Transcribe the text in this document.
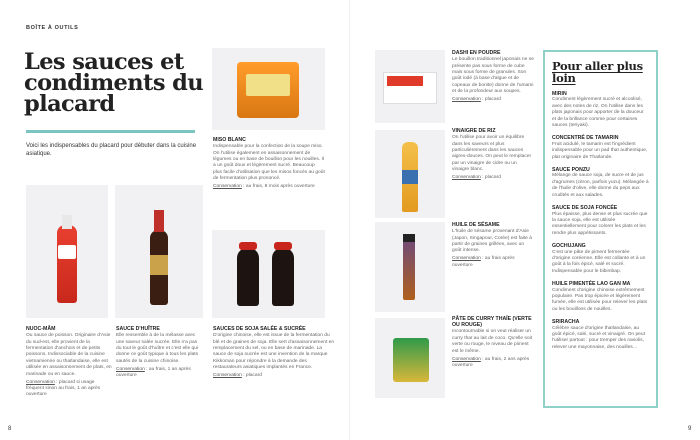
BOÎTE À OUTILS
Les sauces et condiments du placard
Voici les indispensables du placard pour débuter dans la cuisine asiatique.
NUOC-MÂM

Ou sauce de poisson. Originaire d'Asie du sud-est, elle provient de la fermentation d'anchois et de petits poissons. Indissociable de la cuisine vietnamienne ou thaïlandaise, elle est utilisée en assaisonnement de plats, en marinade ou en sauce.

Conservation : placard si usage fréquent sinon au frais, 1 an après ouverture

SAUCE D'HUÎTRE

Elle ressemble à de la mélasse avec une saveur salée sucrée. Elle n'a pas du tout le goût d'huître et c'est elle qui donne ce goût typique à tous les plats sautés de la cuisine chinoise.

Conservation : au frais, 1 an après ouverture

MISO BLANC

Indispensable pour la confection de la soupe miso. On l'utilise également en assaisonnement de légumes ou en base de bouillon pour les nouilles. Il a un goût doux et légèrement sucré. Beaucoup plus facile d'utilisation que les misos foncés au goût de fermentation plus prononcé.

Conservation : au frais, 8 mois après ouverture

SAUCES DE SOJA SALÉE & SUCRÉE

D'origine chinoise, elle est issue de la fermentation du blé et de graines de soja. Elle sert d'assaisonnement en remplacement du sel, ou en base de marinade. La sauce de soja sucrée est une invention de la marque Kikkoman pour répondre à la demande des restaurateurs asiatiques implantés en France.

Conservation : placard

8
DASHI EN POUDRE

Le bouillon traditionnel japonais ne se présente pas sous forme de cube mais sous forme de granules. Son goût iodé (à base d'algue et de copeaux de bonite) donne de l'umami et de la profondeur aux soupes.

Conservation : placard

VINAIGRE DE RIZ

On l'utilise pour avoir un équilibre dans les saveurs et plus particulièrement dans les sauces aigres-douces. On peut le remplacer par un vinaigre de cidre ou un vinaigre blanc.

Conservation : placard

HUILE DE SÉSAME

L'huile de sésame provenant d'Asie (Japon, Singapour, Corée) est faite à partir de graines grillées, avec un goût intense.

Conservation : au frais après ouverture

PÂTE DE CURRY THAÏE (VERTE OU ROUGE)

Incontournable si on veut réaliser un curry thaï au lait de coco. Qu'elle soit verte ou rouge, le niveau de piment est le même.

Conservation : au frais, 2 ans après ouverture

Pour aller plus loin
MIRIN

Condiment légèrement sucré et alcoolisé, avec des notes de riz. On l'utilise dans les plats japonais pour apporter de la douceur et de la brillance comme pour certaines sauces (teriyaki).

CONCENTRÉ DE TAMARIN

Fruit acidulé, le tamarin est l'ingrédient indispensable pour un pad thaï authentique, plat originaire de Thaïlande.

SAUCE PONZU

Mélange de sauce soja, de sucre et de jus d'agrumes (citron, parfois yuzu). Mélangée à de l'huile d'olive, elle donne du peps aux crudités et aux salades.

SAUCE DE SOJA FONCÉE

Plus épaisse, plus dense et plus sucrée que la sauce soja, elle est utilisée essentiellement pour colorer les plats et les rendre plus appétissants.

GOCHUJANG

C'est une pâte de piment fermentée d'origine coréenne. Elle est collante et à un goût à la fois épicé, salé et sucré. Indispensable pour le bibimbap.

HUILE PIMENTÉE LAO GAN MA

Condiment d'origine chinoise extrêmement populaire. Pas trop épicée et légèrement fumée, elle est utilisée pour relever les plats ou les bouillons de nouilles.

SRIRACHA

Célèbre sauce d'origine thaïlandaise, au goût épicé, salé, sucré et vinaigré. On peut l'utiliser partout : pour tremper des raviolis, relever une mayonnaise, des nouilles…

9
